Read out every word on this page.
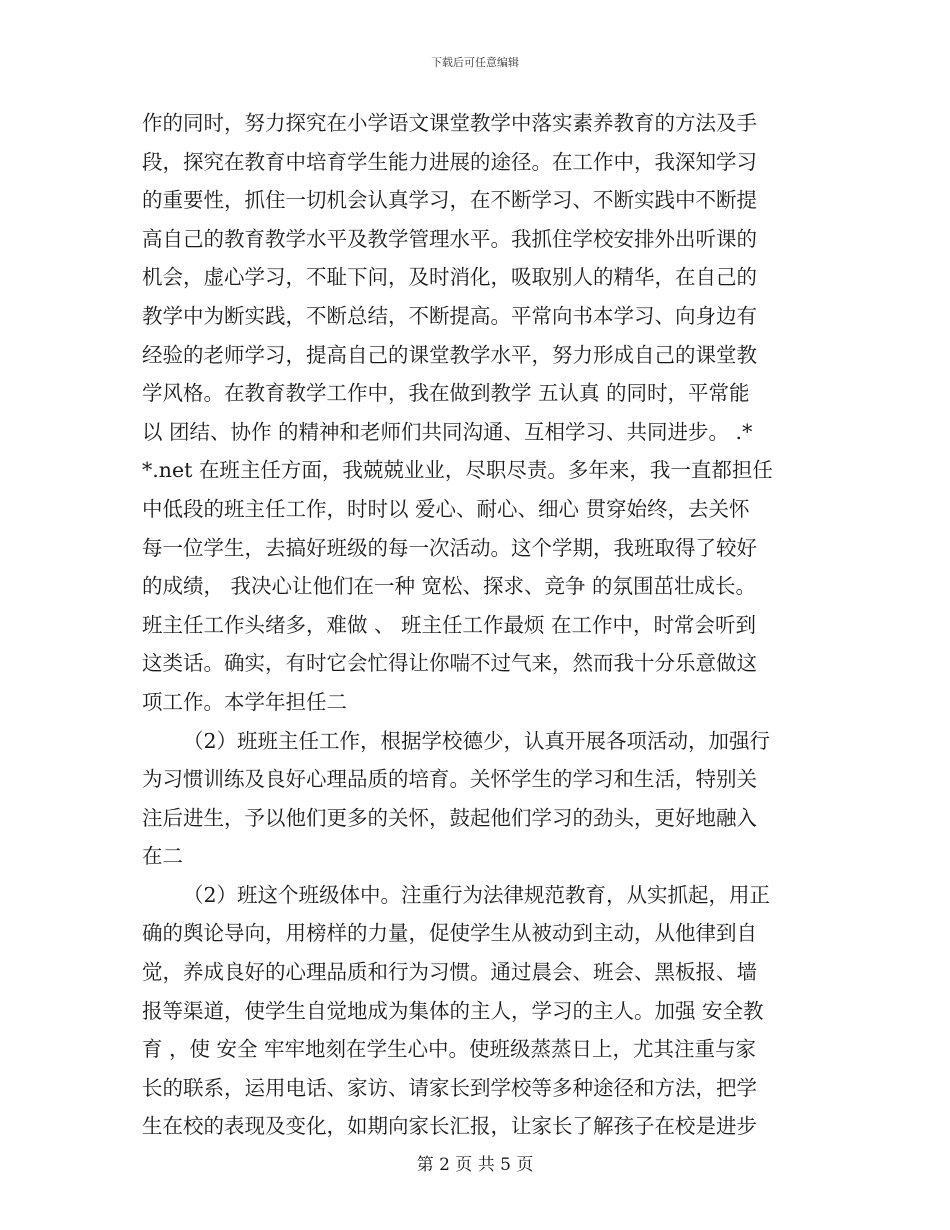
下载后可任意编辑
作的同时，努力探究在小学语文课堂教学中落实素养教育的方法及手
段，探究在教育中培育学生能力进展的途径。在工作中，我深知学习
的重要性，抓住一切机会认真学习，在不断学习、不断实践中不断提
高自己的教育教学水平及教学管理水平。我抓住学校安排外出听课的
机会，虚心学习，不耻下问，及时消化，吸取别人的精华，在自己的
教学中为断实践，不断总结，不断提高。平常向书本学习、向身边有
经验的老师学习，提高自己的课堂教学水平，努力形成自己的课堂教
学风格。在教育教学工作中，我在做到教学 五认真 的同时，平常能
以 团结、协作 的精神和老师们共同沟通、互相学习、共同进步。 .*
*.net 在班主任方面，我兢兢业业，尽职尽责。多年来，我一直都担任
中低段的班主任工作，时时以 爱心、耐心、细心 贯穿始终，去关怀
每一位学生，去搞好班级的每一次活动。这个学期，我班取得了较好
的成绩， 我决心让他们在一种 宽松、探求、竞争 的氛围茁壮成长。
班主任工作头绪多，难做 、 班主任工作最烦 在工作中，时常会听到
这类话。确实，有时它会忙得让你喘不过气来，然而我十分乐意做这
项工作。本学年担任二
（2）班班主任工作，根据学校德少，认真开展各项活动，加强行
为习惯训练及良好心理品质的培育。关怀学生的学习和生活，特别关
注后进生，予以他们更多的关怀，鼓起他们学习的劲头，更好地融入
在二
（2）班这个班级体中。注重行为法律规范教育，从实抓起，用正
确的舆论导向，用榜样的力量，促使学生从被动到主动，从他律到自
觉，养成良好的心理品质和行为习惯。通过晨会、班会、黑板报、墙
报等渠道，使学生自觉地成为集体的主人，学习的主人。加强 安全教
育 ，使 安全 牢牢地刻在学生心中。使班级蒸蒸日上，尤其注重与家
长的联系，运用电话、家访、请家长到学校等多种途径和方法，把学
生在校的表现及变化，如期向家长汇报，让家长了解孩子在校是进步
第 2 页 共 5 页
